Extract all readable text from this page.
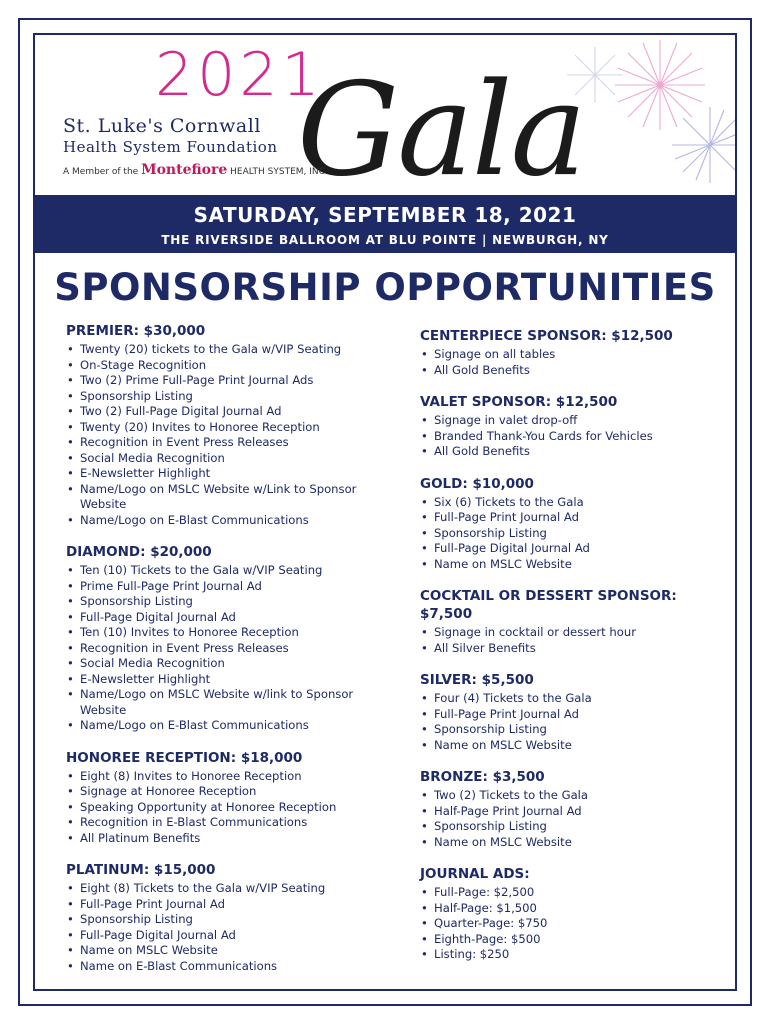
2021
Gala
St. Luke's Cornwall
Health System Foundation
A Member of the Montefiore HEALTH SYSTEM, INC
SATURDAY, SEPTEMBER 18, 2021
THE RIVERSIDE BALLROOM AT BLU POINTE | NEWBURGH, NY
SPONSORSHIP OPPORTUNITIES
PREMIER: $30,000
• Twenty (20) tickets to the Gala w/VIP Seating
• On-Stage Recognition
• Two (2) Prime Full-Page Print Journal Ads
• Sponsorship Listing
• Two (2) Full-Page Digital Journal Ad
• Twenty (20) Invites to Honoree Reception
• Recognition in Event Press Releases
• Social Media Recognition
• E-Newsletter Highlight
• Name/Logo on MSLC Website w/Link to Sponsor Website
• Name/Logo on E-Blast Communications
DIAMOND: $20,000
• Ten (10) Tickets to the Gala w/VIP Seating
• Prime Full-Page Print Journal Ad
• Sponsorship Listing
• Full-Page Digital Journal Ad
• Ten (10) Invites to Honoree Reception
• Recognition in Event Press Releases
• Social Media Recognition
• E-Newsletter Highlight
• Name/Logo on MSLC Website w/link to Sponsor Website
• Name/Logo on E-Blast Communications
HONOREE RECEPTION: $18,000
• Eight (8) Invites to Honoree Reception
• Signage at Honoree Reception
• Speaking Opportunity at Honoree Reception
• Recognition in E-Blast Communications
• All Platinum Benefits
PLATINUM: $15,000
• Eight (8) Tickets to the Gala w/VIP Seating
• Full-Page Print Journal Ad
• Sponsorship Listing
• Full-Page Digital Journal Ad
• Name on MSLC Website
• Name on E-Blast Communications
CENTERPIECE SPONSOR: $12,500
• Signage on all tables
• All Gold Benefits
VALET SPONSOR: $12,500
• Signage in valet drop-off
• Branded Thank-You Cards for Vehicles
• All Gold Benefits
GOLD: $10,000
• Six (6) Tickets to the Gala
• Full-Page Print Journal Ad
• Sponsorship Listing
• Full-Page Digital Journal Ad
• Name on MSLC Website
COCKTAIL OR DESSERT SPONSOR: $7,500
• Signage in cocktail or dessert hour
• All Silver Benefits
SILVER: $5,500
• Four (4) Tickets to the Gala
• Full-Page Print Journal Ad
• Sponsorship Listing
• Name on MSLC Website
BRONZE: $3,500
• Two (2) Tickets to the Gala
• Half-Page Print Journal Ad
• Sponsorship Listing
• Name on MSLC Website
JOURNAL ADS:
• Full-Page: $2,500
• Half-Page: $1,500
• Quarter-Page: $750
• Eighth-Page: $500
• Listing: $250
